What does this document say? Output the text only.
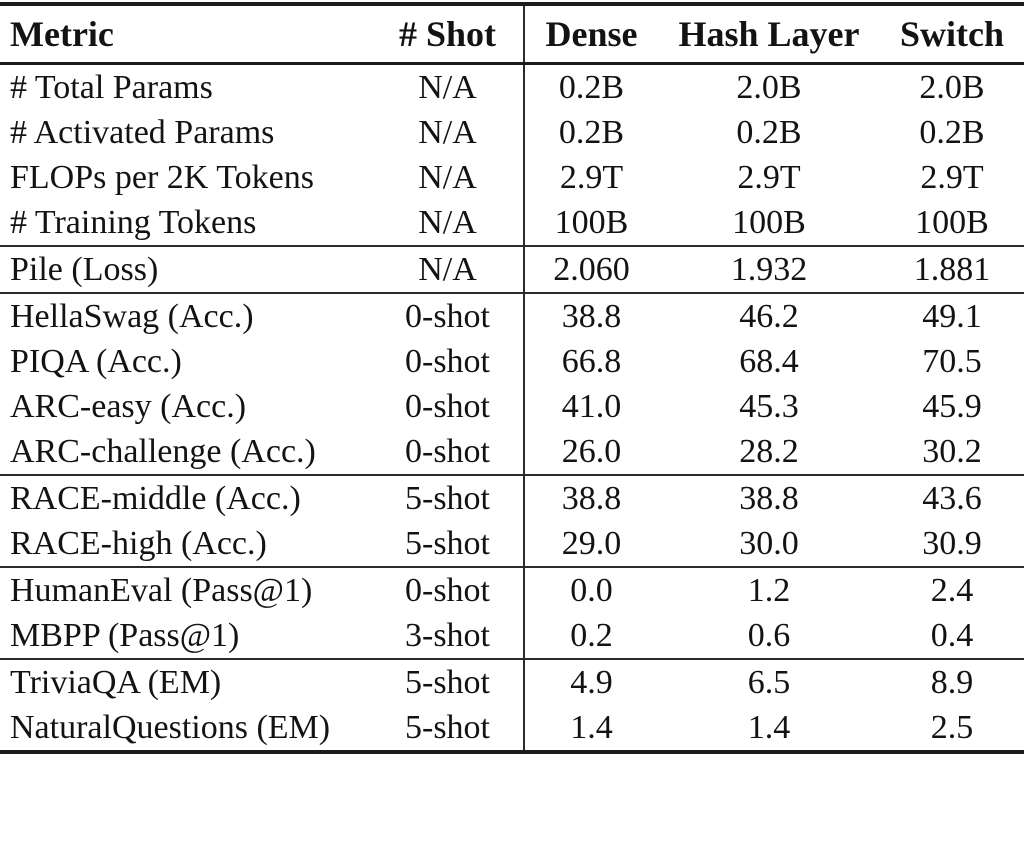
Metric	# Shot	Dense	Hash Layer	Switch
# Total Params	N/A	0.2B	2.0B	2.0B
# Activated Params	N/A	0.2B	0.2B	0.2B
FLOPs per 2K Tokens	N/A	2.9T	2.9T	2.9T
# Training Tokens	N/A	100B	100B	100B
Pile (Loss)	N/A	2.060	1.932	1.881
HellaSwag (Acc.)	0-shot	38.8	46.2	49.1
PIQA (Acc.)	0-shot	66.8	68.4	70.5
ARC-easy (Acc.)	0-shot	41.0	45.3	45.9
ARC-challenge (Acc.)	0-shot	26.0	28.2	30.2
RACE-middle (Acc.)	5-shot	38.8	38.8	43.6
RACE-high (Acc.)	5-shot	29.0	30.0	30.9
HumanEval (Pass@1)	0-shot	0.0	1.2	2.4
MBPP (Pass@1)	3-shot	0.2	0.6	0.4
TriviaQA (EM)	5-shot	4.9	6.5	8.9
NaturalQuestions (EM)	5-shot	1.4	1.4	2.5
